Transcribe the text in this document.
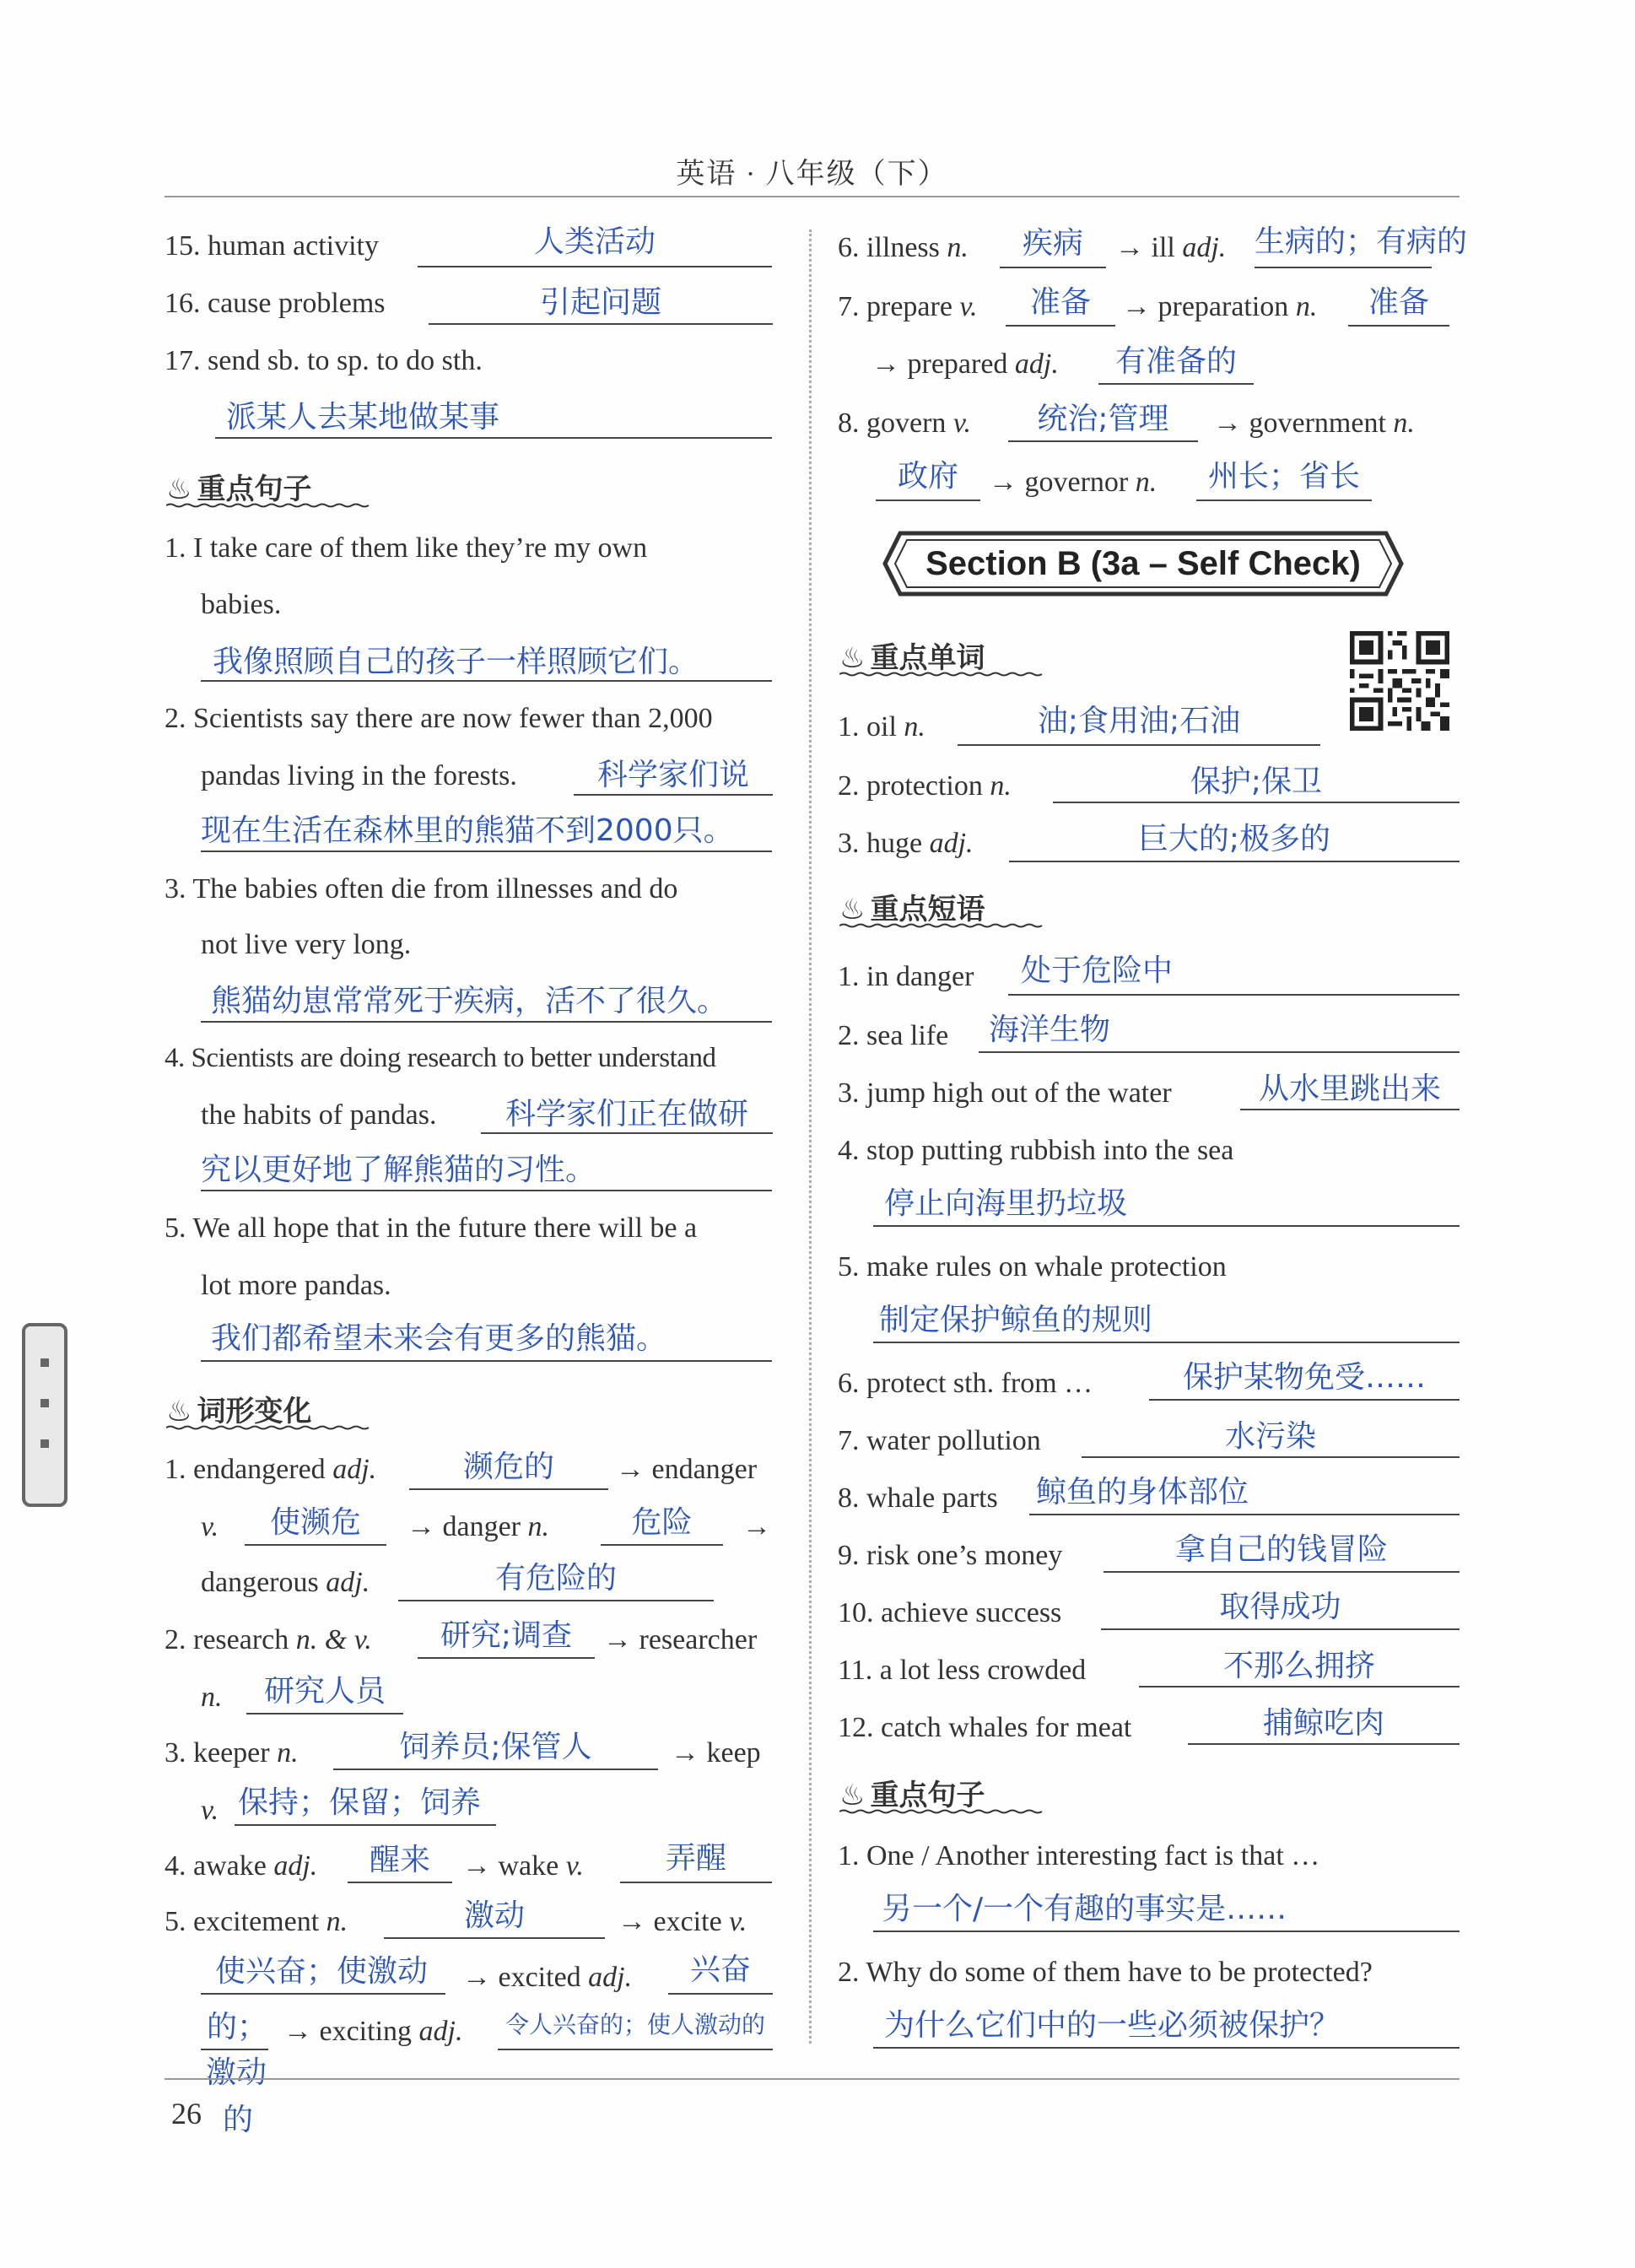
英语 · 八年级（下）
15. human activity	人类活动
16. cause problems	引起问题
17. send sb. to sp. to do sth.
派某人去某地做某事
♨ 重点句子
1. I take care of them like they’re my own
babies.
我像照顾自己的孩子一样照顾它们。
2. Scientists say there are now fewer than 2,000
pandas living in the forests.	科学家们说
现在生活在森林里的熊猫不到2000只。
3. The babies often die from illnesses and do
not live very long.
熊猫幼崽常常死于疾病，活不了很久。
4. Scientists are doing research to better understand
the habits of pandas.	科学家们正在做研
究以更好地了解熊猫的习性。
5. We all hope that in the future there will be a
lot more pandas.
我们都希望未来会有更多的熊猫。
♨ 词形变化
1. endangered adj.	濒危的	→ endanger
v.	使濒危	→ danger n.	危险	→
dangerous adj.	有危险的
2. research n. & v.	研究;调查	→ researcher
n.	研究人员
3. keeper n.	饲养员;保管人	→ keep
v. 保持；保留；饲养
4. awake adj.	醒来	→ wake v.	弄醒
5. excitement n.	激动	→ excite v.
使兴奋；使激动 → excited adj.	兴奋
的； → exciting adj.	令人兴奋的；使人激动的
激动
的
6. illness n.	疾病	→ ill adj. 生病的；有病的
7. prepare v.	准备	→ preparation n.	准备
→ prepared adj.	有准备的
8. govern v.	统治;管理	→ government n.
政府	→ governor n.	州长；省长
Section B (3a – Self Check)
♨ 重点单词
1. oil n.	油;食用油;石油
2. protection n.	保护;保卫
3. huge adj.	巨大的;极多的
♨ 重点短语
1. in danger 处于危险中
2. sea life 海洋生物
3. jump high out of the water	从水里跳出来
4. stop putting rubbish into the sea
停止向海里扔垃圾
5. make rules on whale protection
制定保护鲸鱼的规则
6. protect sth. from …	保护某物免受……
7. water pollution	水污染
8. whale parts 鲸鱼的身体部位
9. risk one’s money	拿自己的钱冒险
10. achieve success	取得成功
11. a lot less crowded	不那么拥挤
12. catch whales for meat	捕鲸吃肉
♨ 重点句子
1. One / Another interesting fact is that …
另一个/一个有趣的事实是……
2. Why do some of them have to be protected?
为什么它们中的一些必须被保护？
26
